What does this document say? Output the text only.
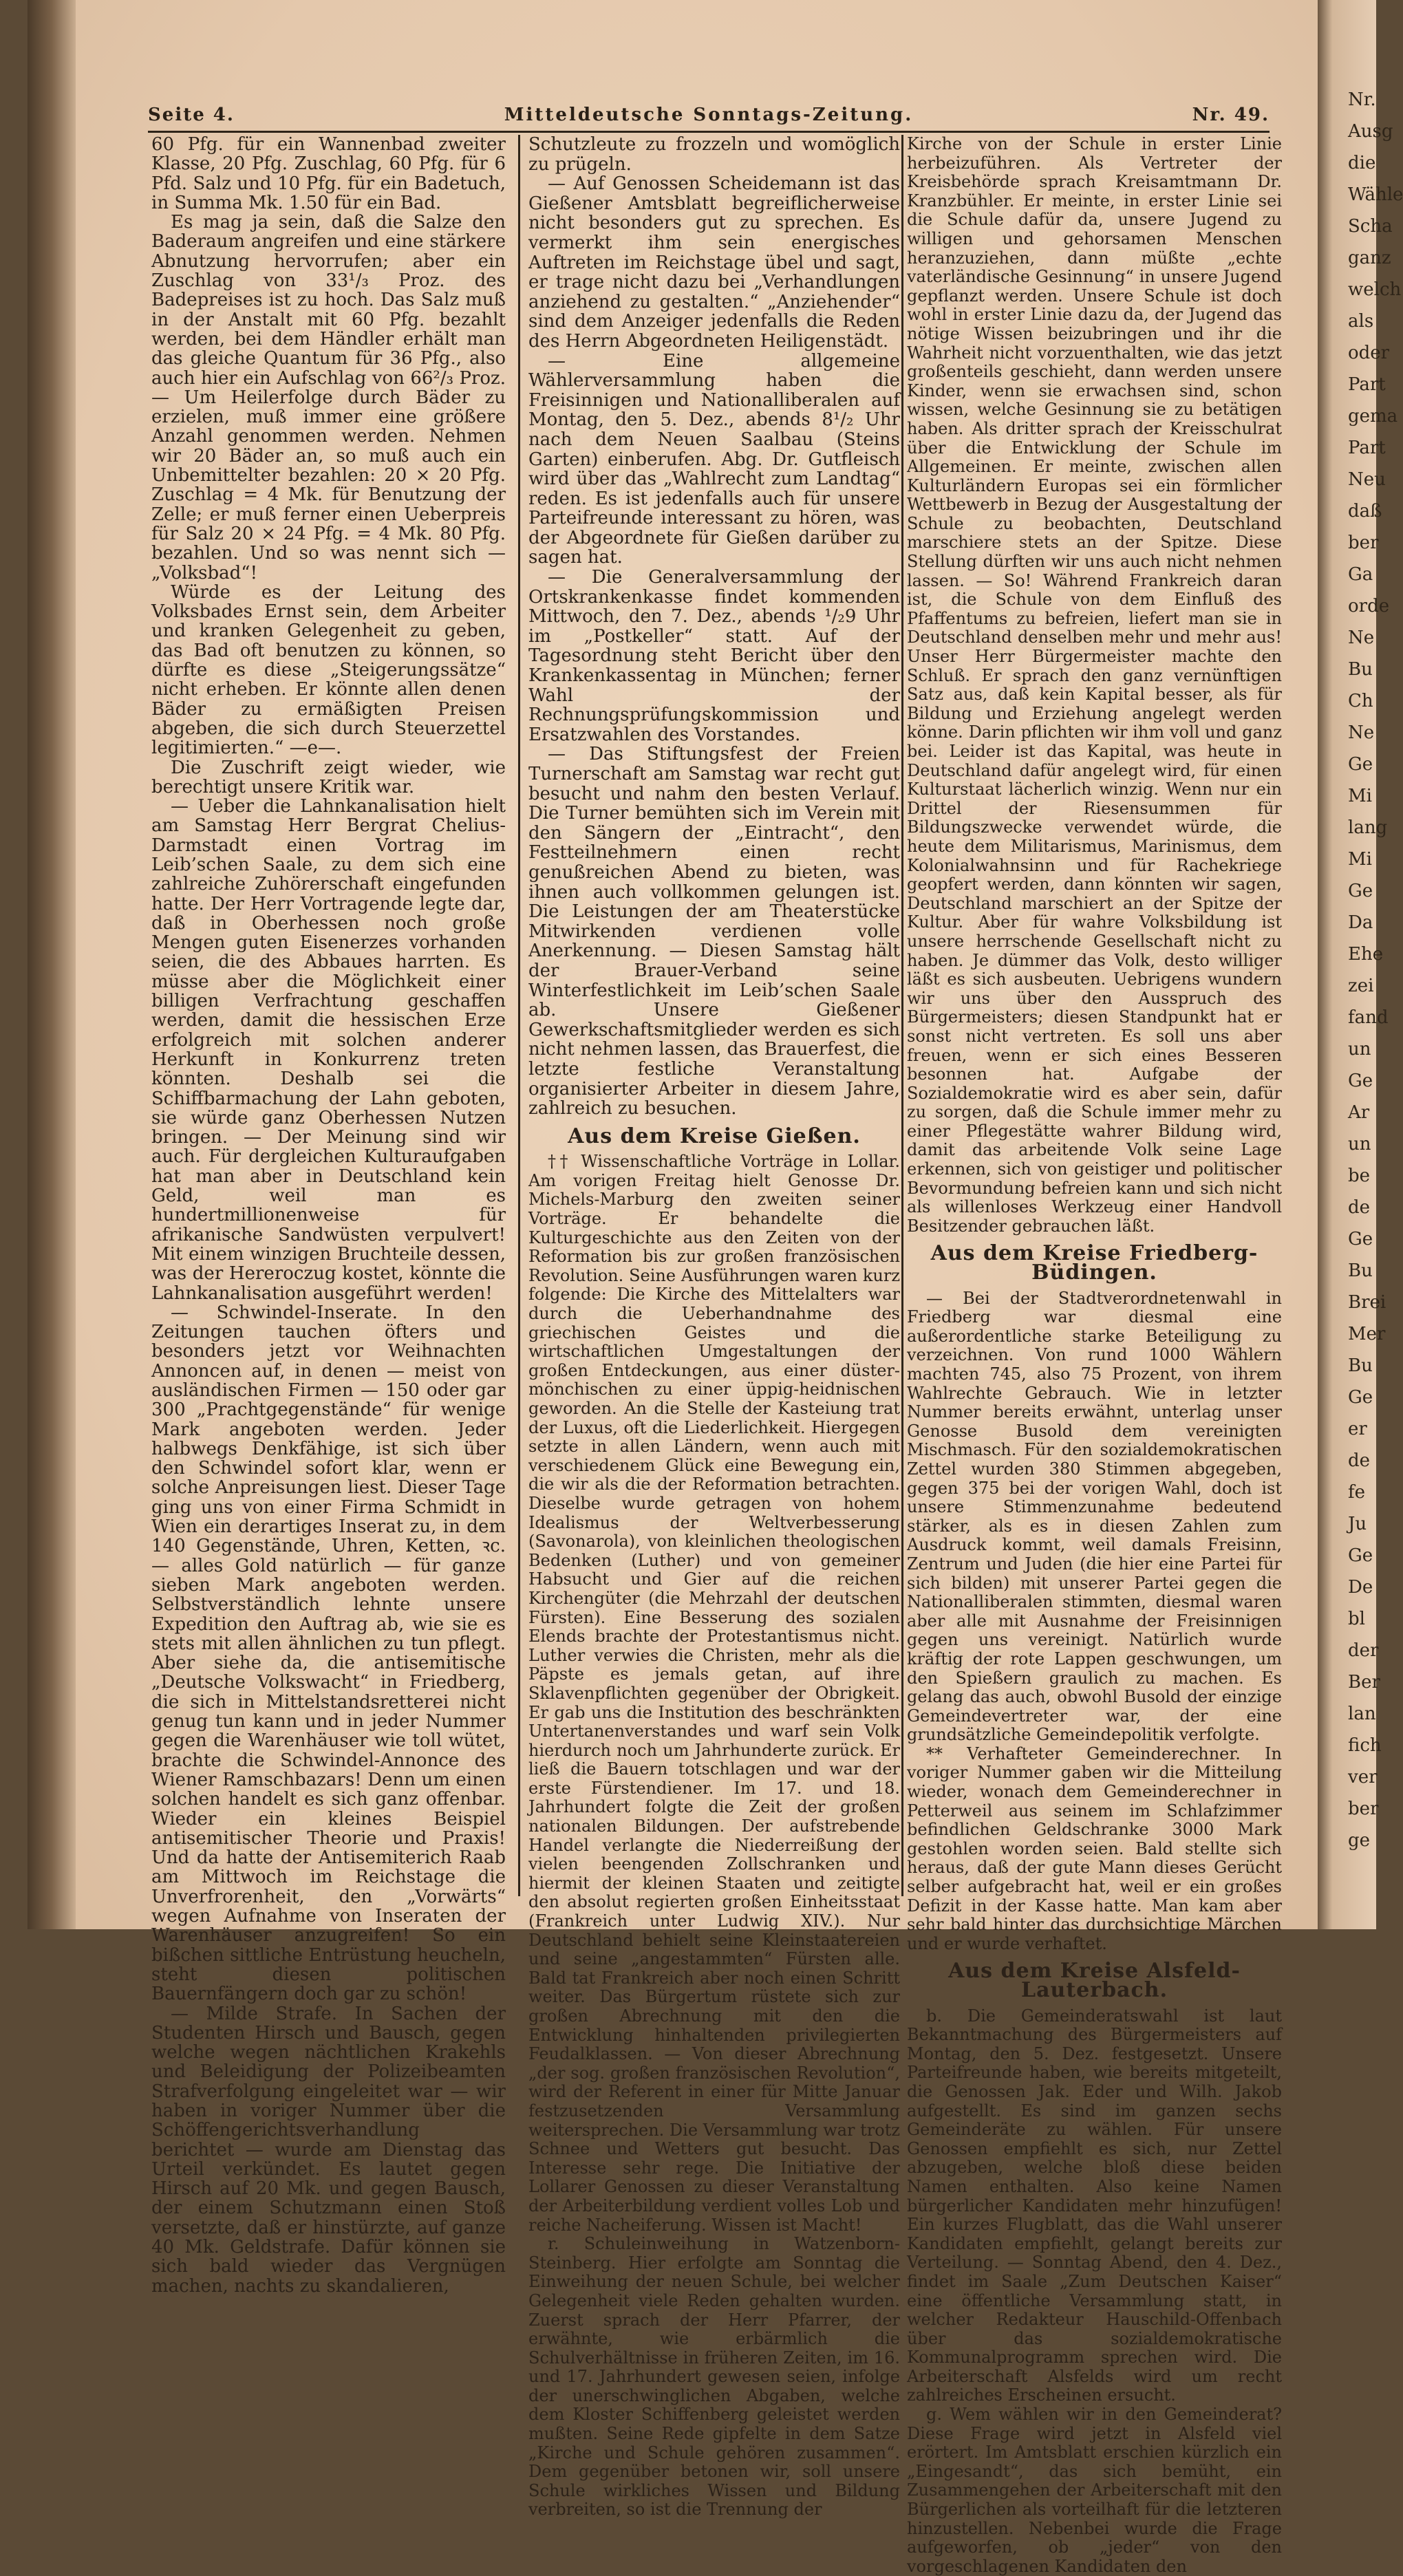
Seite 4.	Mitteldeutsche Sonntags-Zeitung.	Nr. 49.

60 Pfg. für ein Wannenbad zweiter Klasse, 20 Pfg. Zuschlag, 60 Pfg. für 6 Pfd. Salz und 10 Pfg. für ein Badetuch, in Summa Mk. 1.50 für ein Bad.

Es mag ja sein, daß die Salze den Baderaum angreifen und eine stärkere Abnutzung hervorrufen; aber ein Zuschlag von 33¹/₃ Proz. des Badepreises ist zu hoch. Das Salz muß in der Anstalt mit 60 Pfg. bezahlt werden, bei dem Händler erhält man das gleiche Quantum für 36 Pfg., also auch hier ein Aufschlag von 66²/₃ Proz. — Um Heilerfolge durch Bäder zu erzielen, muß immer eine größere Anzahl genommen werden. Nehmen wir 20 Bäder an, so muß auch ein Unbemittelter bezahlen: 20 × 20 Pfg. Zuschlag = 4 Mk. für Benutzung der Zelle; er muß ferner einen Ueberpreis für Salz 20 × 24 Pfg. = 4 Mk. 80 Pfg. bezahlen. Und so was nennt sich — „Volksbad“!

Würde es der Leitung des Volksbades Ernst sein, dem Arbeiter und kranken Gelegenheit zu geben, das Bad oft benutzen zu können, so dürfte es diese „Steigerungssätze“ nicht erheben. Er könnte allen denen Bäder zu ermäßigten Preisen abgeben, die sich durch Steuerzettel legitimierten.“ —e—.

Die Zuschrift zeigt wieder, wie berechtigt unsere Kritik war.

— Ueber die Lahnkanalisation hielt am Samstag Herr Bergrat Chelius-Darmstadt einen Vortrag im Leib’schen Saale, zu dem sich eine zahlreiche Zuhörerschaft eingefunden hatte. Der Herr Vortragende legte dar, daß in Oberhessen noch große Mengen guten Eisenerzes vorhanden seien, die des Abbaues harrten. Es müsse aber die Möglichkeit einer billigen Verfrachtung geschaffen werden, damit die hessischen Erze erfolgreich mit solchen anderer Herkunft in Konkurrenz treten könnten. Deshalb sei die Schiffbarmachung der Lahn geboten, sie würde ganz Oberhessen Nutzen bringen. — Der Meinung sind wir auch. Für dergleichen Kulturaufgaben hat man aber in Deutschland kein Geld, weil man es hundertmillionenweise für afrikanische Sandwüsten verpulvert! Mit einem winzigen Bruchteile dessen, was der Hereroczug kostet, könnte die Lahnkanalisation ausgeführt werden!

— Schwindel-Inserate. In den Zeitungen tauchen öfters und besonders jetzt vor Weihnachten Annoncen auf, in denen — meist von ausländischen Firmen — 150 oder gar 300 „Prachtgegenstände“ für wenige Mark angeboten werden. Jeder halbwegs Denkfähige, ist sich über den Schwindel sofort klar, wenn er solche Anpreisungen liest. Dieser Tage ging uns von einer Firma Schmidt in Wien ein derartiges Inserat zu, in dem 140 Gegenstände, Uhren, Ketten, ꝛc. — alles Gold natürlich — für ganze sieben Mark angeboten werden. Selbstverständlich lehnte unsere Expedition den Auftrag ab, wie sie es stets mit allen ähnlichen zu tun pflegt. Aber siehe da, die antisemitische „Deutsche Volkswacht“ in Friedberg, die sich in Mittelstandsretterei nicht genug tun kann und in jeder Nummer gegen die Warenhäuser wie toll wütet, brachte die Schwindel-Annonce des Wiener Ramschbazars! Denn um einen solchen handelt es sich ganz offenbar. Wieder ein kleines Beispiel antisemitischer Theorie und Praxis! Und da hatte der Antisemiterich Raab am Mittwoch im Reichstage die Unverfrorenheit, den „Vorwärts“ wegen Aufnahme von Inseraten der Warenhäuser anzugreifen! So ein bißchen sittliche Entrüstung heucheln, steht diesen politischen Bauernfängern doch gar zu schön!

— Milde Strafe. In Sachen der Studenten Hirsch und Bausch, gegen welche wegen nächtlichen Krakehls und Beleidigung der Polizeibeamten Strafverfolgung eingeleitet war — wir haben in voriger Nummer über die Schöffengerichtsverhandlung berichtet — wurde am Dienstag das Urteil verkündet. Es lautet gegen Hirsch auf 20 Mk. und gegen Bausch, der einem Schutzmann einen Stoß versetzte, daß er hinstürzte, auf ganze 40 Mk. Geldstrafe. Dafür können sie sich bald wieder das Vergnügen machen, nachts zu skandalieren,

Schutzleute zu frozzeln und womöglich zu prügeln.

— Auf Genossen Scheidemann ist das Gießener Amtsblatt begreiflicherweise nicht besonders gut zu sprechen. Es vermerkt ihm sein energisches Auftreten im Reichstage übel und sagt, er trage nicht dazu bei „Verhandlungen anziehend zu gestalten.“ „Anziehender“ sind dem Anzeiger jedenfalls die Reden des Herrn Abgeordneten Heiligenstädt.

— Eine allgemeine Wählerversammlung haben die Freisinnigen und Nationalliberalen auf Montag, den 5. Dez., abends 8¹/₂ Uhr nach dem Neuen Saalbau (Steins Garten) einberufen. Abg. Dr. Gutfleisch wird über das „Wahlrecht zum Landtag“ reden. Es ist jedenfalls auch für unsere Parteifreunde interessant zu hören, was der Abgeordnete für Gießen darüber zu sagen hat.

— Die Generalversammlung der Ortskrankenkasse findet kommenden Mittwoch, den 7. Dez., abends ¹/₂9 Uhr im „Postkeller“ statt. Auf der Tagesordnung steht Bericht über den Krankenkassentag in München; ferner Wahl der Rechnungsprüfungskommission und Ersatzwahlen des Vorstandes.

— Das Stiftungsfest der Freien Turnerschaft am Samstag war recht gut besucht und nahm den besten Verlauf. Die Turner bemühten sich im Verein mit den Sängern der „Eintracht“, den Festteilnehmern einen recht genußreichen Abend zu bieten, was ihnen auch vollkommen gelungen ist. Die Leistungen der am Theaterstücke Mitwirkenden verdienen volle Anerkennung. — Diesen Samstag hält der Brauer-Verband seine Winterfestlichkeit im Leib’schen Saale ab. Unsere Gießener Gewerkschaftsmitglieder werden es sich nicht nehmen lassen, das Brauerfest, die letzte festliche Veranstaltung organisierter Arbeiter in diesem Jahre, zahlreich zu besuchen.

Aus dem Kreise Gießen.

†† Wissenschaftliche Vorträge in Lollar. Am vorigen Freitag hielt Genosse Dr. Michels-Marburg den zweiten seiner Vorträge. Er behandelte die Kulturgeschichte aus den Zeiten von der Reformation bis zur großen französischen Revolution. Seine Ausführungen waren kurz folgende: Die Kirche des Mittelalters war durch die Ueberhandnahme des griechischen Geistes und die wirtschaftlichen Umgestaltungen der großen Entdeckungen, aus einer düster-mönchischen zu einer üppig-heidnischen geworden. An die Stelle der Kasteiung trat der Luxus, oft die Liederlichkeit. Hiergegen setzte in allen Ländern, wenn auch mit verschiedenem Glück eine Bewegung ein, die wir als die der Reformation betrachten. Dieselbe wurde getragen von hohem Idealismus der Weltverbesserung (Savonarola), von kleinlichen theologischen Bedenken (Luther) und von gemeiner Habsucht und Gier auf die reichen Kirchengüter (die Mehrzahl der deutschen Fürsten). Eine Besserung des sozialen Elends brachte der Protestantismus nicht. Luther verwies die Christen, mehr als die Päpste es jemals getan, auf ihre Sklavenpflichten gegenüber der Obrigkeit. Er gab uns die Institution des beschränkten Untertanenverstandes und warf sein Volk hierdurch noch um Jahrhunderte zurück. Er ließ die Bauern totschlagen und war der erste Fürstendiener. Im 17. und 18. Jahrhundert folgte die Zeit der großen nationalen Bildungen. Der aufstrebende Handel verlangte die Niederreißung der vielen beengenden Zollschranken und hiermit der kleinen Staaten und zeitigte den absolut regierten großen Einheitsstaat (Frankreich unter Ludwig XIV.). Nur Deutschland behielt seine Kleinstaatereien und seine „angestammten“ Fürsten alle. Bald tat Frankreich aber noch einen Schritt weiter. Das Bürgertum rüstete sich zur großen Abrechnung mit den die Entwicklung hinhaltenden privilegierten Feudalklassen. — Von dieser Abrechnung „der sog. großen französischen Revolution“, wird der Referent in einer für Mitte Januar festzusetzenden Versammlung weitersprechen. Die Versammlung war trotz Schnee und Wetters gut besucht. Das Interesse sehr rege. Die Initiative der Lollarer Genossen zu dieser Veranstaltung der Arbeiterbildung verdient volles Lob und reiche Nacheiferung. Wissen ist Macht!

r. Schuleinweihung in Watzenborn-Steinberg. Hier erfolgte am Sonntag die Einweihung der neuen Schule, bei welcher Gelegenheit viele Reden gehalten wurden. Zuerst sprach der Herr Pfarrer, der erwähnte, wie erbärmlich die Schulverhältnisse in früheren Zeiten, im 16. und 17. Jahrhundert gewesen seien, infolge der unerschwinglichen Abgaben, welche dem Kloster Schiffenberg geleistet werden mußten. Seine Rede gipfelte in dem Satze „Kirche und Schule gehören zusammen“. Dem gegenüber betonen wir, soll unsere Schule wirkliches Wissen und Bildung verbreiten, so ist die Trennung der

Kirche von der Schule in erster Linie herbeizuführen. Als Vertreter der Kreisbehörde sprach Kreisamtmann Dr. Kranzbühler. Er meinte, in erster Linie sei die Schule dafür da, unsere Jugend zu willigen und gehorsamen Menschen heranzuziehen, dann müßte „echte vaterländische Gesinnung“ in unsere Jugend gepflanzt werden. Unsere Schule ist doch wohl in erster Linie dazu da, der Jugend das nötige Wissen beizubringen und ihr die Wahrheit nicht vorzuenthalten, wie das jetzt großenteils geschieht, dann werden unsere Kinder, wenn sie erwachsen sind, schon wissen, welche Gesinnung sie zu betätigen haben. Als dritter sprach der Kreisschulrat über die Entwicklung der Schule im Allgemeinen. Er meinte, zwischen allen Kulturländern Europas sei ein förmlicher Wettbewerb in Bezug der Ausgestaltung der Schule zu beobachten, Deutschland marschiere stets an der Spitze. Diese Stellung dürften wir uns auch nicht nehmen lassen. — So! Während Frankreich daran ist, die Schule von dem Einfluß des Pfaffentums zu befreien, liefert man sie in Deutschland denselben mehr und mehr aus! Unser Herr Bürgermeister machte den Schluß. Er sprach den ganz vernünftigen Satz aus, daß kein Kapital besser, als für Bildung und Erziehung angelegt werden könne. Darin pflichten wir ihm voll und ganz bei. Leider ist das Kapital, was heute in Deutschland dafür angelegt wird, für einen Kulturstaat lächerlich winzig. Wenn nur ein Drittel der Riesensummen für Bildungszwecke verwendet würde, die heute dem Militarismus, Marinismus, dem Kolonialwahnsinn und für Rachekriege geopfert werden, dann könnten wir sagen, Deutschland marschiert an der Spitze der Kultur. Aber für wahre Volksbildung ist unsere herrschende Gesellschaft nicht zu haben. Je dümmer das Volk, desto williger läßt es sich ausbeuten. Uebrigens wundern wir uns über den Ausspruch des Bürgermeisters; diesen Standpunkt hat er sonst nicht vertreten. Es soll uns aber freuen, wenn er sich eines Besseren besonnen hat. Aufgabe der Sozialdemokratie wird es aber sein, dafür zu sorgen, daß die Schule immer mehr zu einer Pflegestätte wahrer Bildung wird, damit das arbeitende Volk seine Lage erkennen, sich von geistiger und politischer Bevormundung befreien kann und sich nicht als willenloses Werkzeug einer Handvoll Besitzender gebrauchen läßt.

Aus dem Kreise Friedberg-Büdingen.

— Bei der Stadtverordnetenwahl in Friedberg war diesmal eine außerordentliche starke Beteiligung zu verzeichnen. Von rund 1000 Wählern machten 745, also 75 Prozent, von ihrem Wahlrechte Gebrauch. Wie in letzter Nummer bereits erwähnt, unterlag unser Genosse Busold dem vereinigten Mischmasch. Für den sozialdemokratischen Zettel wurden 380 Stimmen abgegeben, gegen 375 bei der vorigen Wahl, doch ist unsere Stimmenzunahme bedeutend stärker, als es in diesen Zahlen zum Ausdruck kommt, weil damals Freisinn, Zentrum und Juden (die hier eine Partei für sich bilden) mit unserer Partei gegen die Nationalliberalen stimmten, diesmal waren aber alle mit Ausnahme der Freisinnigen gegen uns vereinigt. Natürlich wurde kräftig der rote Lappen geschwungen, um den Spießern graulich zu machen. Es gelang das auch, obwohl Busold der einzige Gemeindevertreter war, der eine grundsätzliche Gemeindepolitik verfolgte.

** Verhafteter Gemeinderechner. In voriger Nummer gaben wir die Mitteilung wieder, wonach dem Gemeinderechner in Petterweil aus seinem im Schlafzimmer befindlichen Geldschranke 3000 Mark gestohlen worden seien. Bald stellte sich heraus, daß der gute Mann dieses Gerücht selber aufgebracht hat, weil er ein großes Defizit in der Kasse hatte. Man kam aber sehr bald hinter das durchsichtige Märchen und er wurde verhaftet.

Aus dem Kreise Alsfeld-Lauterbach.

b. Die Gemeinderatswahl ist laut Bekanntmachung des Bürgermeisters auf Montag, den 5. Dez. festgesetzt. Unsere Parteifreunde haben, wie bereits mitgeteilt, die Genossen Jak. Eder und Wilh. Jakob aufgestellt. Es sind im ganzen sechs Gemeinderäte zu wählen. Für unsere Genossen empfiehlt es sich, nur Zettel abzugeben, welche bloß diese beiden Namen enthalten. Also keine Namen bürgerlicher Kandidaten mehr hinzufügen! Ein kurzes Flugblatt, das die Wahl unserer Kandidaten empfiehlt, gelangt bereits zur Verteilung. — Sonntag Abend, den 4. Dez., findet im Saale „Zum Deutschen Kaiser“ eine öffentliche Versammlung statt, in welcher Redakteur Hauschild-Offenbach über das sozialdemokratische Kommunalprogramm sprechen wird. Die Arbeiterschaft Alsfelds wird um recht zahlreiches Erscheinen ersucht.

g. Wem wählen wir in den Gemeinderat? Diese Frage wird jetzt in Alsfeld viel erörtert. Im Amtsblatt erschien kürzlich ein „Eingesandt“, das sich bemüht, ein Zusammengehen der Arbeiterschaft mit den Bürgerlichen als vorteilhaft für die letzteren hinzustellen. Nebenbei wurde die Frage aufgeworfen, ob „jeder“ von den vorgeschlagenen Kandidaten den

Nr.
Ausg
die
Wähle
Scha
ganz
welch
als
oder
Part
gema
Part
Neu
daß
ber
Ga
orde
Ne
Bu
Ch
Ne
Ge
Mi
lang
Mi
Ge
Da
Ehe
zei
fand
un
Ge
Ar
un
be
de
Ge
Bu
Brei
Mer
Bu
Ge
er
de
fe
Ju
Ge
De
bl
der
Ber
lan
fich
ver
ber
ge
